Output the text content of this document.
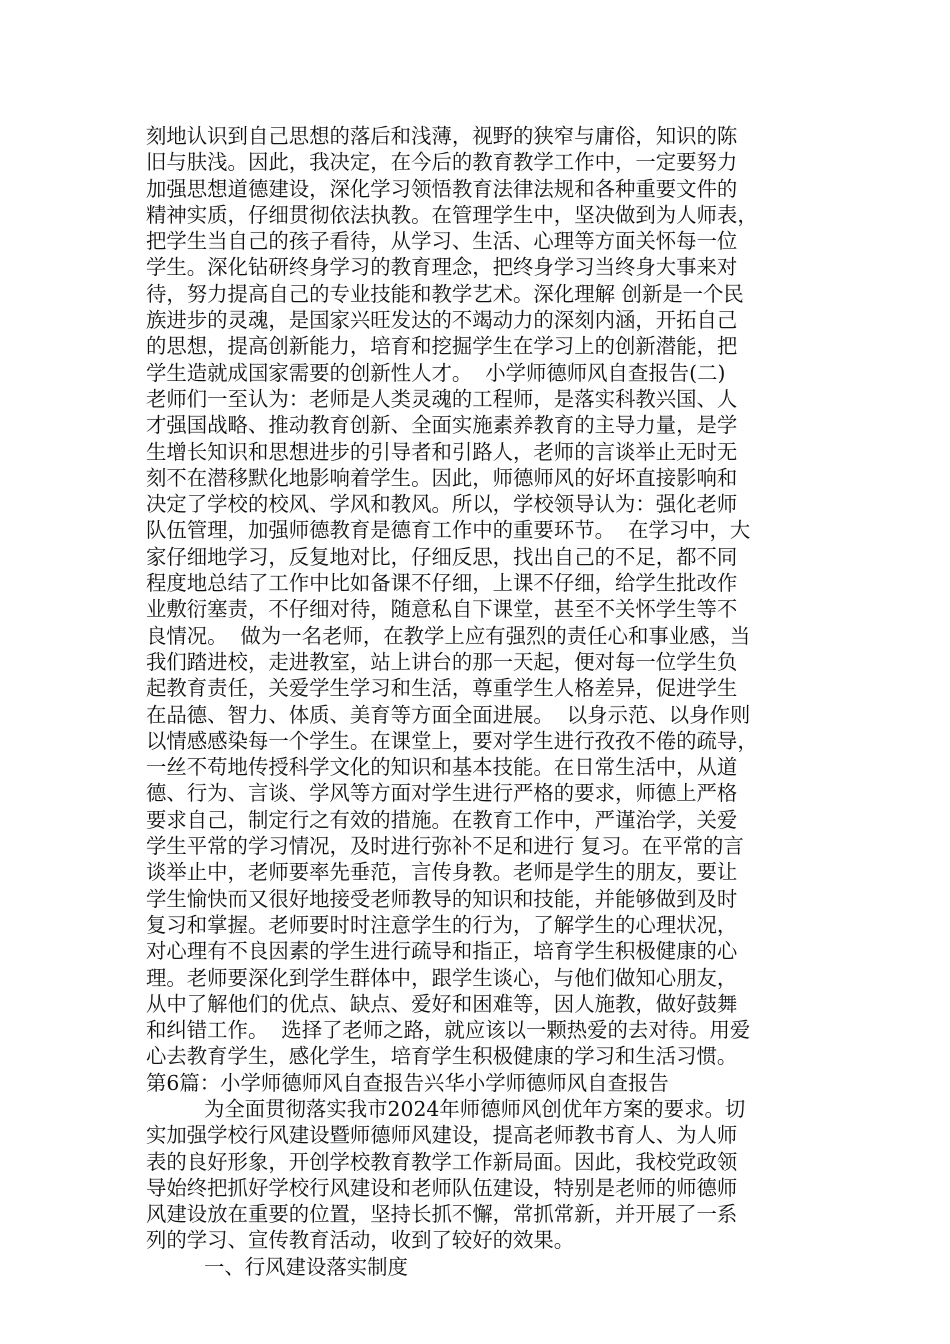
刻地认识到自己思想的落后和浅薄，视野的狭窄与庸俗，知识的陈
旧与肤浅。因此，我决定，在今后的教育教学工作中，一定要努力
加强思想道德建设，深化学习领悟教育法律法规和各种重要文件的
精神实质，仔细贯彻依法执教。在管理学生中，坚决做到为人师表，
把学生当自己的孩子看待，从学习、生活、心理等方面关怀每一位
学生。深化钻研终身学习的教育理念，把终身学习当终身大事来对
待，努力提高自己的专业技能和教学艺术。深化理解 创新是一个民
族进步的灵魂，是国家兴旺发达的不竭动力的深刻内涵，开拓自己
的思想，提高创新能力，培育和挖掘学生在学习上的创新潜能，把
学生造就成国家需要的创新性人才。  小学师德师风自查报告(二)
老师们一至认为：老师是人类灵魂的工程师，是落实科教兴国、人
才强国战略、推动教育创新、全面实施素养教育的主导力量，是学
生增长知识和思想进步的引导者和引路人，老师的言谈举止无时无
刻不在潜移默化地影响着学生。因此，师德师风的好坏直接影响和
决定了学校的校风、学风和教风。所以，学校领导认为：强化老师
队伍管理，加强师德教育是德育工作中的重要环节。  在学习中，大
家仔细地学习，反复地对比，仔细反思，找出自己的不足，都不同
程度地总结了工作中比如备课不仔细，上课不仔细，给学生批改作
业敷衍塞责，不仔细对待，随意私自下课堂，甚至不关怀学生等不
良情况。  做为一名老师，在教学上应有强烈的责任心和事业感，当
我们踏进校，走进教室，站上讲台的那一天起，便对每一位学生负
起教育责任，关爱学生学习和生活，尊重学生人格差异，促进学生
在品德、智力、体质、美育等方面全面进展。  以身示范、以身作则
以情感感染每一个学生。在课堂上，要对学生进行孜孜不倦的疏导，
一丝不苟地传授科学文化的知识和基本技能。在日常生活中，从道
德、行为、言谈、学风等方面对学生进行严格的要求，师德上严格
要求自己，制定行之有效的措施。在教育工作中，严谨治学，关爱
学生平常的学习情况，及时进行弥补不足和进行 复习。在平常的言
谈举止中，老师要率先垂范，言传身教。老师是学生的朋友，要让
学生愉快而又很好地接受老师教导的知识和技能，并能够做到及时
复习和掌握。老师要时时注意学生的行为，了解学生的心理状况，
对心理有不良因素的学生进行疏导和指正，培育学生积极健康的心
理。老师要深化到学生群体中，跟学生谈心，与他们做知心朋友，
从中了解他们的优点、缺点、爱好和困难等，因人施教，做好鼓舞
和纠错工作。  选择了老师之路，就应该以一颗热爱的去对待。用爱
心去教育学生，感化学生，培育学生积极健康的学习和生活习惯。
第6篇：小学师德师风自查报告兴华小学师德师风自查报告
为全面贯彻落实我市2024年师德师风创优年方案的要求。切
实加强学校行风建设暨师德师风建设，提高老师教书育人、为人师
表的良好形象，开创学校教育教学工作新局面。因此，我校党政领
导始终把抓好学校行风建设和老师队伍建设，特别是老师的师德师
风建设放在重要的位置，坚持长抓不懈，常抓常新，并开展了一系
列的学习、宣传教育活动，收到了较好的效果。
一、行风建设落实制度
